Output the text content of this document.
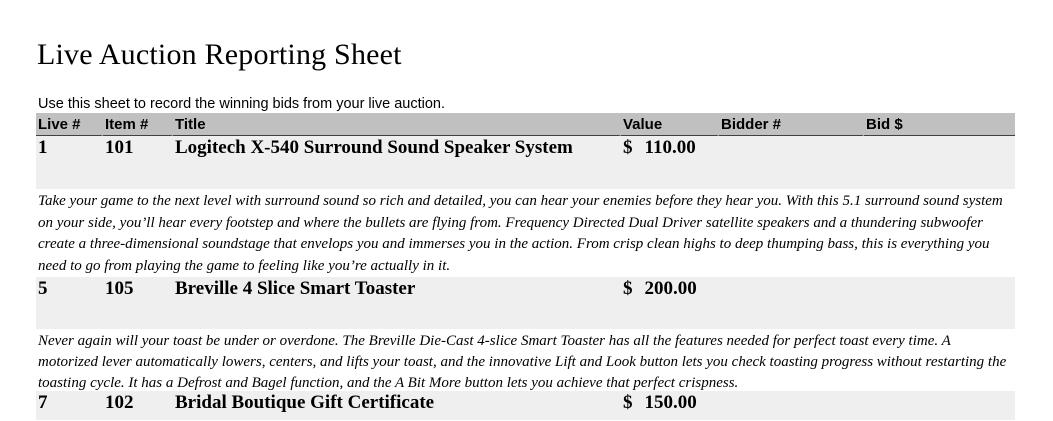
Live Auction Reporting Sheet

Use this sheet to record the winning bids from your live auction.

Live #	Item #	Title	Value	Bidder #	Bid $
1	101	Logitech X-540 Surround Sound Speaker System	$ 110.00
Take your game to the next level with surround sound so rich and detailed, you can hear your enemies before they hear you. With this 5.1 surround sound system on your side, you’ll hear every footstep and where the bullets are flying from. Frequency Directed Dual Driver satellite speakers and a thundering subwoofer create a three-dimensional soundstage that envelops you and immerses you in the action. From crisp clean highs to deep thumping bass, this is everything you need to go from playing the game to feeling like you’re actually in it.
5	105	Breville 4 Slice Smart Toaster	$ 200.00
Never again will your toast be under or overdone. The Breville Die-Cast 4-slice Smart Toaster has all the features needed for perfect toast every time. A motorized lever automatically lowers, centers, and lifts your toast, and the innovative Lift and Look button lets you check toasting progress without restarting the toasting cycle. It has a Defrost and Bagel function, and the A Bit More button lets you achieve that perfect crispness.
7	102	Bridal Boutique Gift Certificate	$ 150.00
